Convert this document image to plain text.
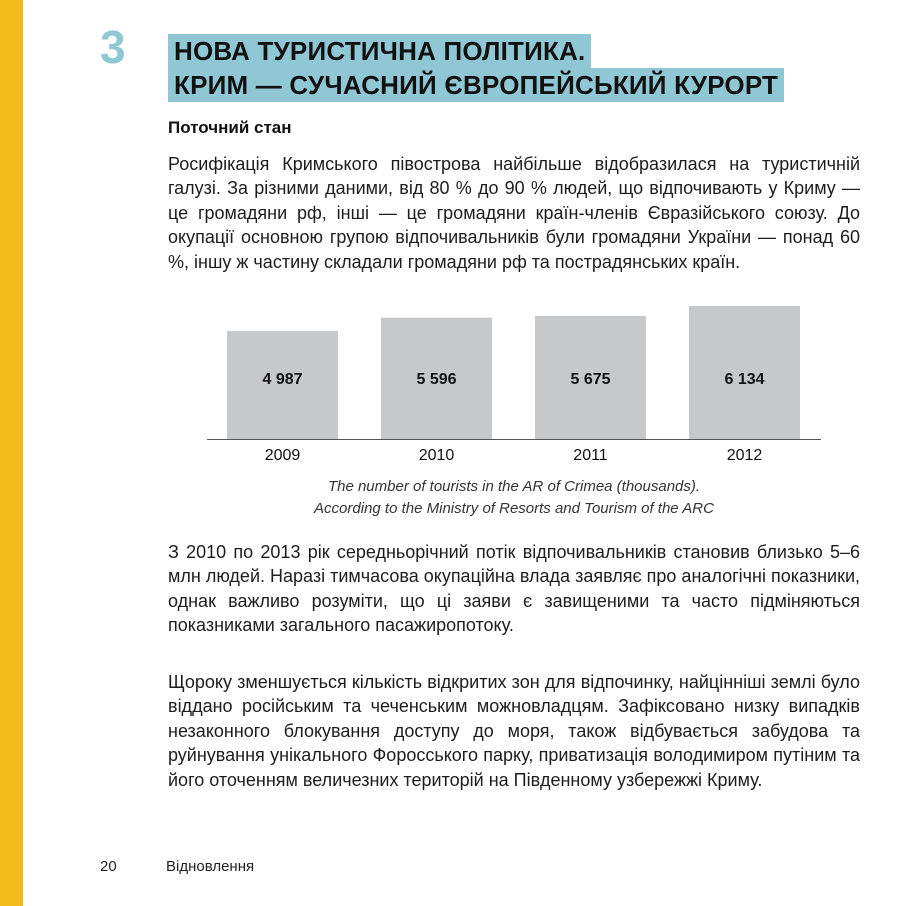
3 НОВА ТУРИСТИЧНА ПОЛІТИКА.
КРИМ — СУЧАСНИЙ ЄВРОПЕЙСЬКИЙ КУРОРТ
Поточний стан

Росифікація Кримського півострова найбільше відобразилася на туристичній галузі. За різними даними, від 80 % до 90 % людей, що відпочивають у Криму — це громадяни рф, інші — це громадяни країн-членів Євразійського союзу. До окупації основною групою відпочивальників були громадяни України — понад 60 %, іншу ж частину складали громадяни рф та пострадянських країн.

4 987
2009
5 596
2010
5 675
2011
6 134
2012
The number of tourists in the AR of Crimea (thousands).
According to the Ministry of Resorts and Tourism of the ARC

З 2010 по 2013 рік середньорічний потік відпочивальників становив близько 5–6 млн людей. Наразі тимчасова окупаційна влада заявляє про аналогічні показники, однак важливо розуміти, що ці заяви є завищеними та часто підміняються показниками загального пасажиропотоку.

Щороку зменшується кількість відкритих зон для відпочинку, найцінніші землі було віддано російським та чеченським можновладцям. Зафіксовано низку випадків незаконного блокування доступу до моря, також відбувається забудова та руйнування унікального Форосського парку, приватизація володимиром путіним та його оточенням величезних територій на Південному узбережжі Криму.

20	Відновлення
